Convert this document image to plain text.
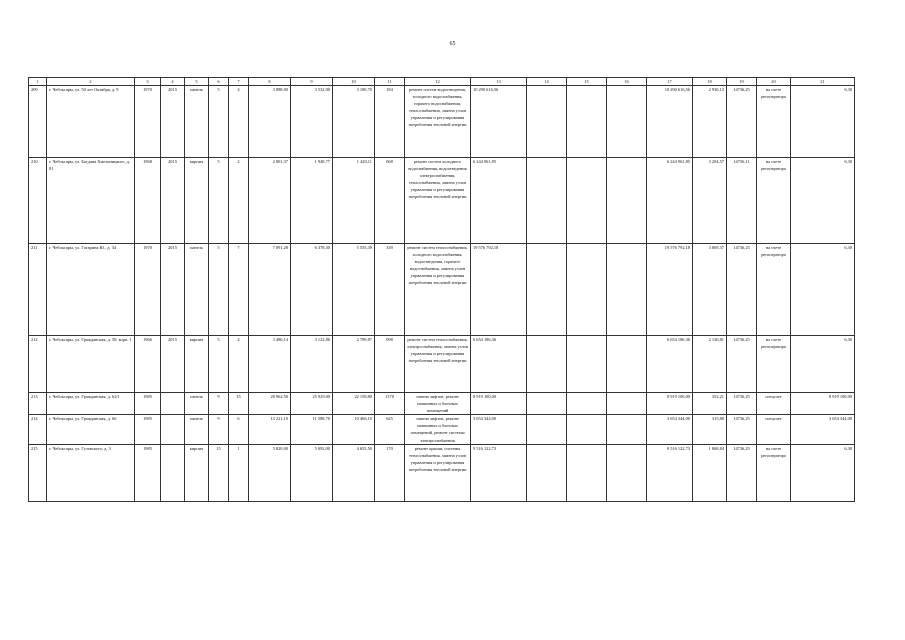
65
1	2	3	4	5	6	7	8	9	10	11	12	13	14	15	16	17	18	19	20	21
209	г. Чебоксары, ул. 50 лет Октября, д. 9	1970	2015	панель	5	4	3 888,00	3 532,00	3 180,70	184	ремонт систем водоотведения, холодного водоснабжения, горячего водоснабжения, теплоснабжения, замена узлов управления и регулирования потребления тепловой энергии	10 290 616,56				10 290 616,56	2 930,13	14736,25	на счете регоператора	6,30
210	г. Чебоксары, ул. Богдана Хмельницкого, д. 81	1968	2015	кирпич	5	2	2 801,37	1 948,77	1 420,11	068	ремонт систем холодного водоснабжения, водоотведения электроснабжения, теплоснабжения, замена узлов управления и регулирования потребления тепловой энергии	6 244 961,85				6 244 961,85	3 204,57	14736,11	на счете регоператора	6,30
211	г. Чебоксары, ул. Гагарина Ю., д. 34	1970	2015	панель	5	7	7 091,28	6 378,30	5 555,39	339	ремонт систем теплоснабжения, холодного водоснабжения, водоотведения, горячего водоснабжения, замена узлов управления и регулирования потребления тепловой энергии	19 576 792,18				19 576 792,18	3 069,37	14736,25	на счете регоператора	6,30
212	г. Чебоксары, ул. Гражданская, д. 58, корп. 1	1966	2015	кирпич	5	4	3 486,14	3 122,86	2 789,87	098	ремонт систем теплоснабжения, электроснабжения, замена узлов управления и регулирования потребления тепловой энергии	6 654 186,36				6 654 186,36	2 130,81	14736,25	на счете регоператора	6,30
213	г. Чебоксары, ул. Гражданская, д. 62/1	1985		панель	9	15	28 962,50	25 929,00	22 158,80	1370	замена лифтов, ремонт машинных и блочных помещений	8 919 100,00				8 919 100,00	352,21	14736,25	спецсчет	8 919 100,00
214	г. Чебоксары, ул. Гражданская, д. 66	1985		панель	9	6	13 221,10	11 588,70	10 466,10	625	замена лифтов, ремонт машинных и блочных помещений, ремонт системы электроснабжения	3 654 344,00				3 654 344,00	315,88	14736,25	спецсчет	3 654 344,00
215	г. Чебоксары, ул. Гузовского, д. 3	1985		кирпич	15	1	5 820,00	5 092,00	4 655,50	170	ремонт крыши, системы теплоснабжения, замена узлов управления и регулирования потребления тепловой энергии	9 516 122,73				9 516 122,73	1 868,84	14736,25	на счете регоператора	6,30
